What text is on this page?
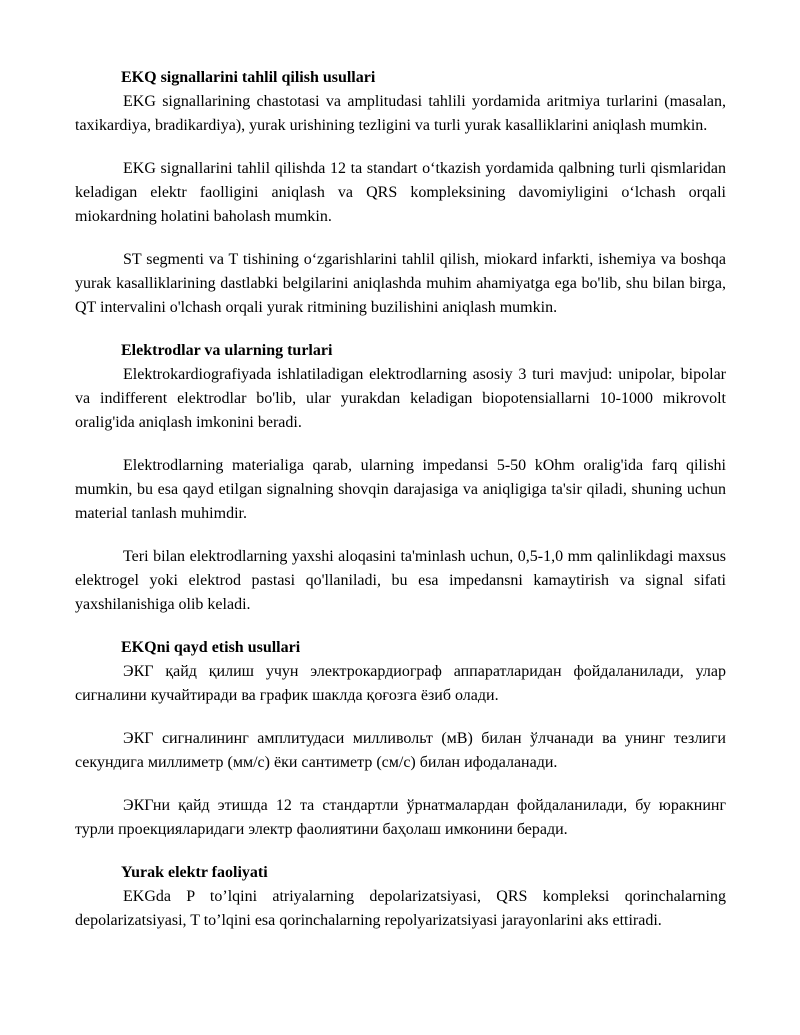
EKQ signallarini tahlil qilish usullari

EKG signallarining chastotasi va amplitudasi tahlili yordamida aritmiya turlarini (masalan, taxikardiya, bradikardiya), yurak urishining tezligini va turli yurak kasalliklarini aniqlash mumkin.

EKG signallarini tahlil qilishda 12 ta standart o‘tkazish yordamida qalbning turli qismlaridan keladigan elektr faolligini aniqlash va QRS kompleksining davomiyligini o‘lchash orqali miokardning holatini baholash mumkin.

ST segmenti va T tishining o‘zgarishlarini tahlil qilish, miokard infarkti, ishemiya va boshqa yurak kasalliklarining dastlabki belgilarini aniqlashda muhim ahamiyatga ega bo'lib, shu bilan birga, QT intervalini o'lchash orqali yurak ritmining buzilishini aniqlash mumkin.

Elektrodlar va ularning turlari

Elektrokardiografiyada ishlatiladigan elektrodlarning asosiy 3 turi mavjud: unipolar, bipolar va indifferent elektrodlar bo'lib, ular yurakdan keladigan biopotensiallarni 10-1000 mikrovolt oralig'ida aniqlash imkonini beradi.

Elektrodlarning materialiga qarab, ularning impedansi 5-50 kOhm oralig'ida farq qilishi mumkin, bu esa qayd etilgan signalning shovqin darajasiga va aniqligiga ta'sir qiladi, shuning uchun material tanlash muhimdir.

Teri bilan elektrodlarning yaxshi aloqasini ta'minlash uchun, 0,5-1,0 mm qalinlikdagi maxsus elektrogel yoki elektrod pastasi qo'llaniladi, bu esa impedansni kamaytirish va signal sifati yaxshilanishiga olib keladi.

EKQni qayd etish usullari

ЭКГ қайд қилиш учун электрокардиограф аппаратларидан фойдаланилади, улар сигналини кучайтиради ва график шаклда қоғозга ёзиб олади.

ЭКГ сигналининг амплитудаси милливольт (мВ) билан ўлчанади ва унинг тезлиги секундига миллиметр (мм/с) ёки сантиметр (см/с) билан ифодаланади.

ЭКГни қайд этишда 12 та стандартли ўрнатмалардан фойдаланилади, бу юракнинг турли проекцияларидаги электр фаолиятини баҳолаш имконини беради.

Yurak elektr faoliyati

EKGda P to’lqini atriyalarning depolarizatsiyasi, QRS kompleksi qorinchalarning depolarizatsiyasi, T to’lqini esa qorinchalarning repolyarizatsiyasi jarayonlarini aks ettiradi.
